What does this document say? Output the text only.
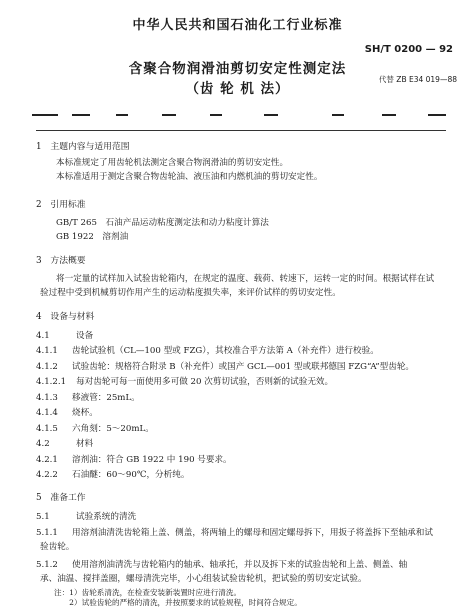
中华人民共和国石油化工行业标准
SH/T 0200 — 92
含聚合物润滑油剪切安定性测定法
（齿 轮 机 法）
代替 ZB E34 019—88
1　主题内容与适用范围
本标准规定了用齿轮机法测定含聚合物润滑油的剪切安定性。
本标准适用于测定含聚合物齿轮油、液压油和内燃机油的剪切安定性。
2　引用标准
GB/T 265　石油产品运动粘度测定法和动力粘度计算法
GB 1922　溶剂油
3　方法概要
将一定量的试样加入试验齿轮箱内，在规定的温度、载荷、转速下，运转一定的时间。根据试样在试验过程中受到机械剪切作用产生的运动粘度损失率，来评价试样的剪切安定性。
4　设备与材料
4.1	设备
4.1.1 齿轮试验机（CL—100 型或 FZG），其校准合乎方法第 A（补充件）进行校验。
4.1.2 试验齿轮：规格符合附录 B（补充件）或国产 GCL—001 型或联邦德国 FZG“A”型齿轮。
4.1.2.1 每对齿轮可每一面使用多可做 20 次剪切试验，否则新的试验无效。
4.1.3 移液管：25mL。
4.1.4 烧杯。
4.1.5 六角刻：5～20mL。
4.2	材料
4.2.1 溶剂油：符合 GB 1922 中 190 号要求。
4.2.2 石油醚：60～90℃，分析纯。
5　准备工作
5.1	试验系统的清洗
5.1.1 用溶剂油清洗齿轮箱上盖、侧盖，将两轴上的螺母和固定螺母拆下，用扳子将盖拆下至轴承和试
验齿轮。
5.1.2 使用溶剂油清洗与齿轮箱内的轴承、轴承托，并以及拆下来的试验齿轮和上盖、侧盖、轴
承、油温、搅拌盖圈，螺母清洗完毕，小心组装试验齿轮机，把试验的剪切安定试验。
注：1）齿轮系清洗，在检查安装新装置时应进行清洗。
　　2）试验齿轮的严格的清洗，并按照要求的试验规程，时间符合规定。
